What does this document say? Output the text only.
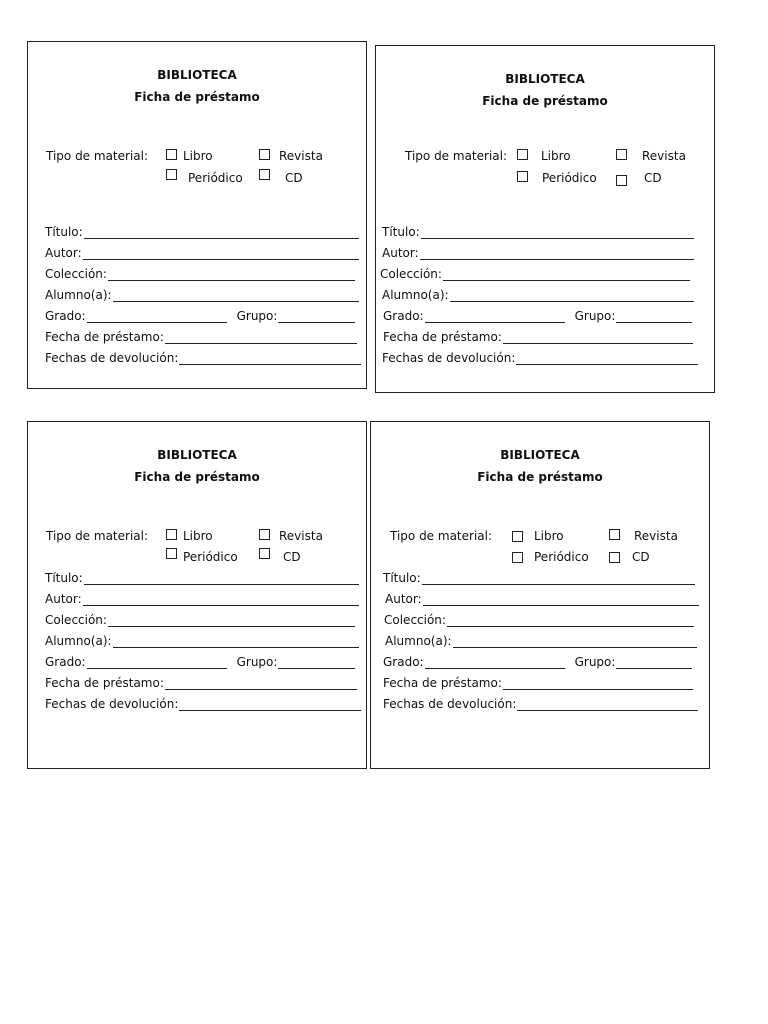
BIBLIOTECA
Ficha de préstamo
Tipo de material:	Libro	Revista
Periódico	CD
Título:
Autor:
Colección:
Alumno(a):
Grado:	Grupo:
Fecha de préstamo:
Fechas de devolución:
BIBLIOTECA
Ficha de préstamo
Tipo de material:	Libro	Revista
Periódico	CD
Título:
Autor:
Colección:
Alumno(a):
Grado:	Grupo:
Fecha de préstamo:
Fechas de devolución:
BIBLIOTECA
Ficha de préstamo
Tipo de material:	Libro	Revista
Periódico	CD
Título:
Autor:
Colección:
Alumno(a):
Grado:	Grupo:
Fecha de préstamo:
Fechas de devolución:
BIBLIOTECA
Ficha de préstamo
Tipo de material:	Libro	Revista
Periódico	CD
Título:
Autor:
Colección:
Alumno(a):
Grado:	Grupo:
Fecha de préstamo:
Fechas de devolución:
